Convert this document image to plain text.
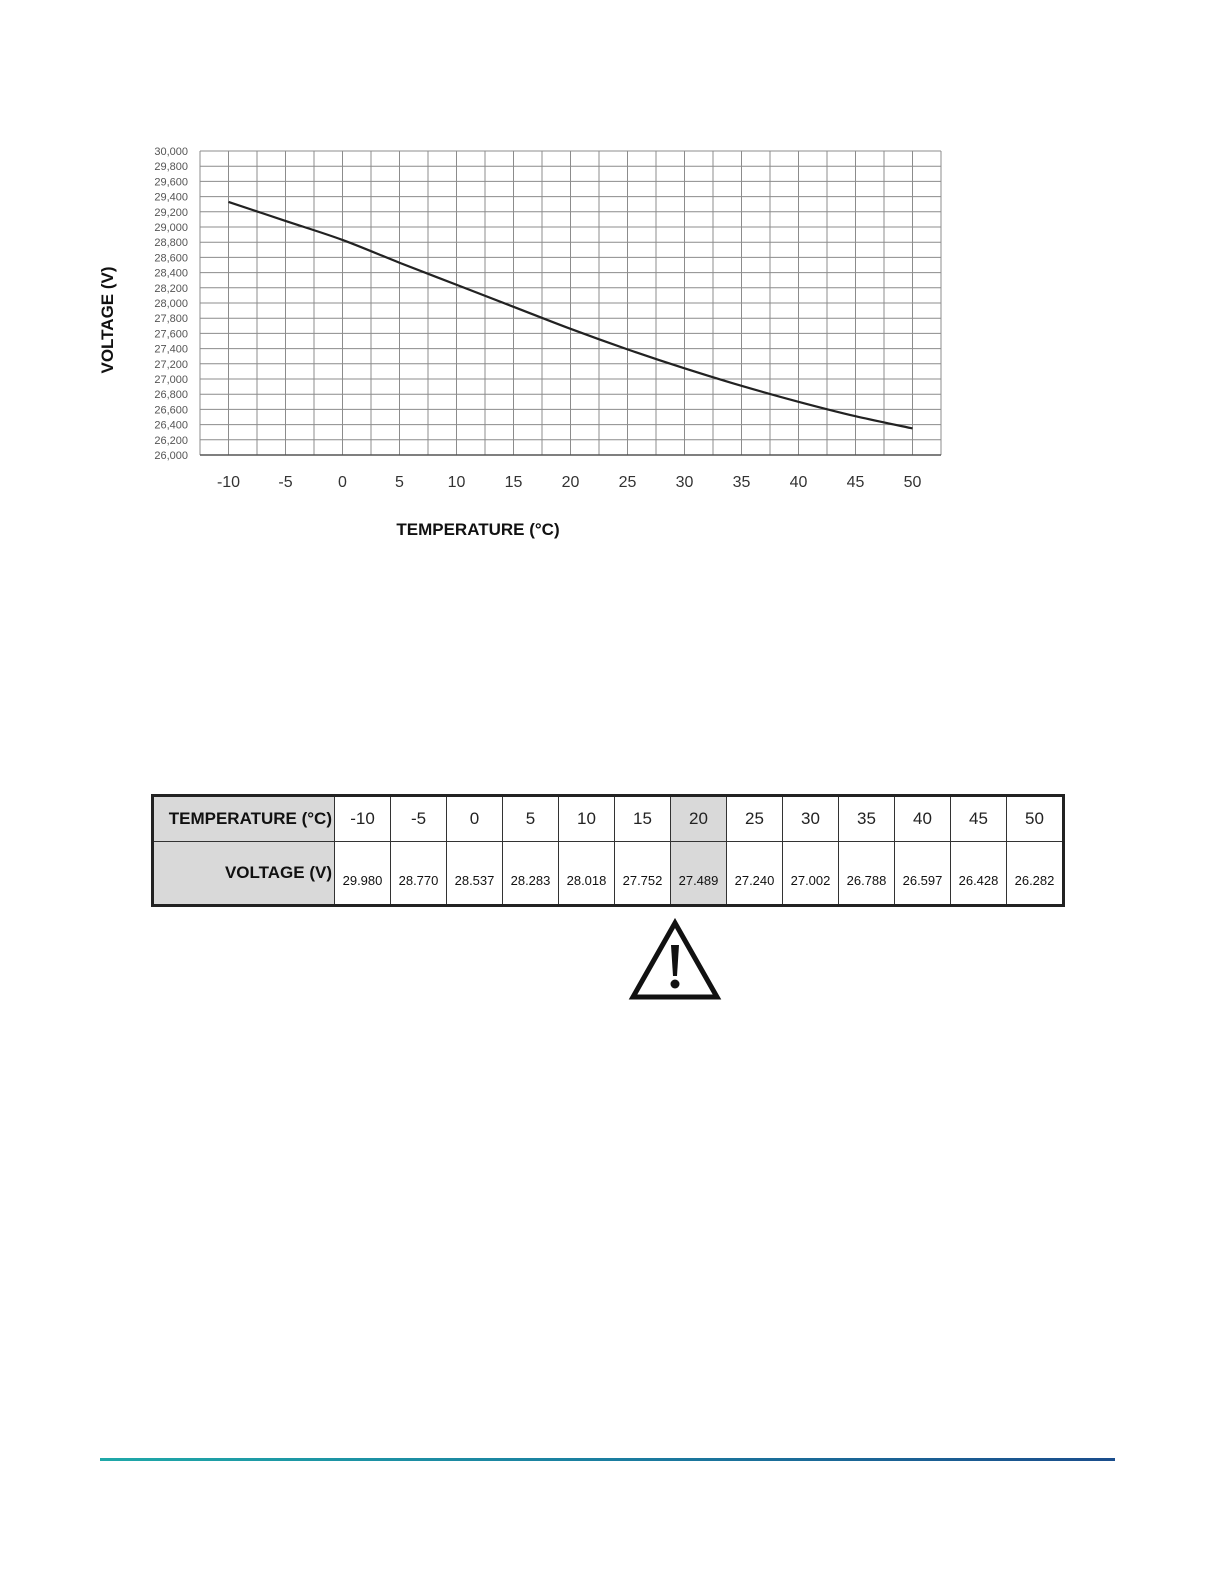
30,000
29,800
29,600
29,400
29,200
29,000
28,800
28,600
28,400
28,200
28,000
27,800
27,600
27,400
27,200
27,000
26,800
26,600
26,400
26,200
26,000
-10 -5	0	5	10 15 20 25 30 35 40 45 50
VOLTAGE (V)
TEMPERATURE (°C)
TEMPERATURE (°C)	-10	-5	0	5	10	15	20	25	30	35	40	45	50
VOLTAGE (V)	29.980	28.770	28.537	28.283	28.018	27.752	27.489	27.240	27.002	26.788	26.597	26.428	26.282
